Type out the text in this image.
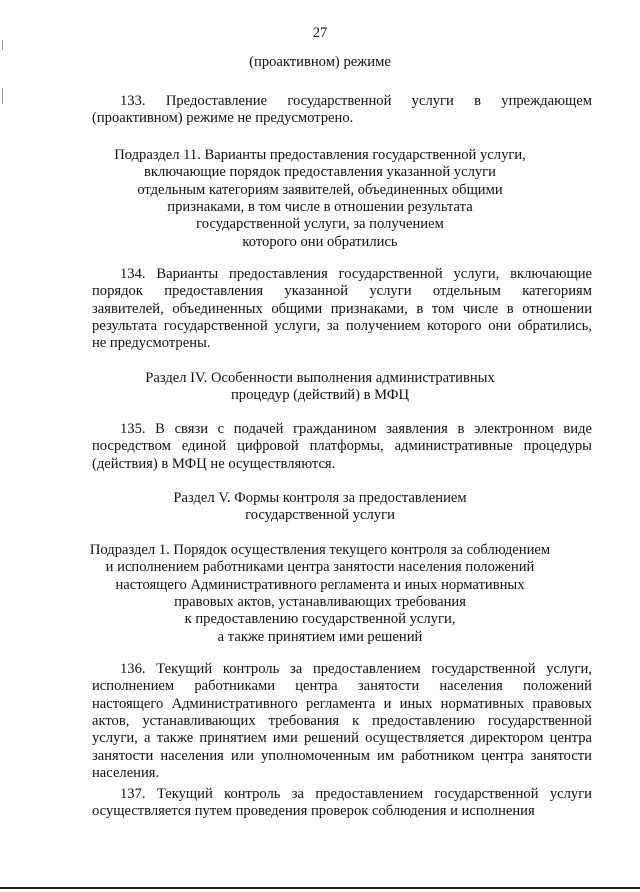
27
(проактивном) режиме
133. Предоставление государственной услуги в упреждающем
(проактивном) режиме не предусмотрено.
Подраздел 11. Варианты предоставления государственной услуги,
включающие порядок предоставления указанной услуги
отдельным категориям заявителей, объединенных общими
признаками, в том числе в отношении результата
государственной услуги, за получением
которого они обратились
134. Варианты предоставления государственной услуги, включающие
порядок предоставления указанной услуги отдельным категориям
заявителей, объединенных общими признаками, в том числе в отношении
результата государственной услуги, за получением которого они обратились,
не предусмотрены.
Раздел IV. Особенности выполнения административных
процедур (действий) в МФЦ
135. В связи с подачей гражданином заявления в электронном виде
посредством единой цифровой платформы, административные процедуры
(действия) в МФЦ не осуществляются.
Раздел V. Формы контроля за предоставлением
государственной услуги
Подраздел 1. Порядок осуществления текущего контроля за соблюдением
и исполнением работниками центра занятости населения положений
настоящего Административного регламента и иных нормативных
правовых актов, устанавливающих требования
к предоставлению государственной услуги,
а также принятием ими решений
136. Текущий контроль за предоставлением государственной услуги,
исполнением работниками центра занятости населения положений
настоящего Административного регламента и иных нормативных правовых
актов, устанавливающих требования к предоставлению государственной
услуги, а также принятием ими решений осуществляется директором центра
занятости населения или уполномоченным им работником центра занятости
населения.
137. Текущий контроль за предоставлением государственной услуги
осуществляется путем проведения проверок соблюдения и исполнения
